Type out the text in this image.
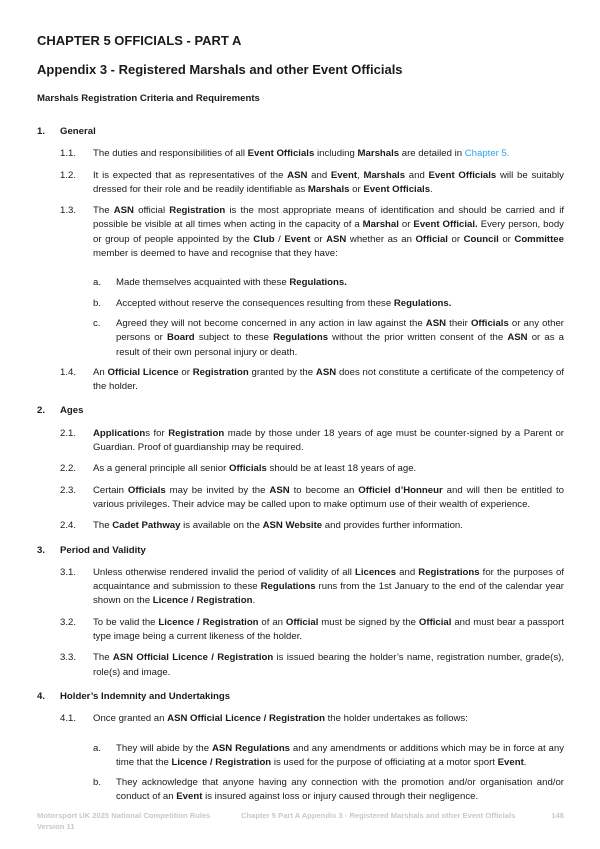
CHAPTER 5 OFFICIALS - PART A
Appendix 3 - Registered Marshals and other Event Officials
Marshals Registration Criteria and Requirements
1.	General
1.1.	The duties and responsibilities of all Event Officials including Marshals are detailed in Chapter 5.
1.2.	It is expected that as representatives of the ASN and Event, Marshals and Event Officials will be suitably dressed for their role and be readily identifiable as Marshals or Event Officials.
1.3.	The ASN official Registration is the most appropriate means of identification and should be carried and if possible be visible at all times when acting in the capacity of a Marshal or Event Official. Every person, body or group of people appointed by the Club / Event or ASN whether as an Official or Council or Committee member is deemed to have and recognise that they have:
a.	Made themselves acquainted with these Regulations.
b.	Accepted without reserve the consequences resulting from these Regulations.
c.	Agreed they will not become concerned in any action in law against the ASN their Officials or any other persons or Board subject to these Regulations without the prior written consent of the ASN or as a result of their own personal injury or death.
1.4.	An Official Licence or Registration granted by the ASN does not constitute a certificate of the competency of the holder.
2.	Ages
2.1.	Applications for Registration made by those under 18 years of age must be counter-signed by a Parent or Guardian. Proof of guardianship may be required.
2.2.	As a general principle all senior Officials should be at least 18 years of age.
2.3.	Certain Officials may be invited by the ASN to become an Officiel d’Honneur and will then be entitled to various privileges. Their advice may be called upon to make optimum use of their wealth of experience.
2.4.	The Cadet Pathway is available on the ASN Website and provides further information.
3.	Period and Validity
3.1.	Unless otherwise rendered invalid the period of validity of all Licences and Registrations for the purposes of acquaintance and submission to these Regulations runs from the 1st January to the end of the calendar year shown on the Licence / Registration.
3.2.	To be valid the Licence / Registration of an Official must be signed by the Official and must bear a passport type image being a current likeness of the holder.
3.3.	The ASN Official Licence / Registration is issued bearing the holder’s name, registration number, grade(s), role(s) and image.
4.	Holder’s Indemnity and Undertakings
4.1.	Once granted an ASN Official Licence / Registration the holder undertakes as follows:
a.	They will abide by the ASN Regulations and any amendments or additions which may be in force at any time that the Licence / Registration is used for the purpose of officiating at a motor sport Event.
b.	They acknowledge that anyone having any connection with the promotion and/or organisation and/or conduct of an Event is insured against loss or injury caused through their negligence.
Motorsport UK 2025 National Competition Rules
Version 11
Chapter 5 Part A Appendix 3 - Registered Marshals and other Event Officials	148
